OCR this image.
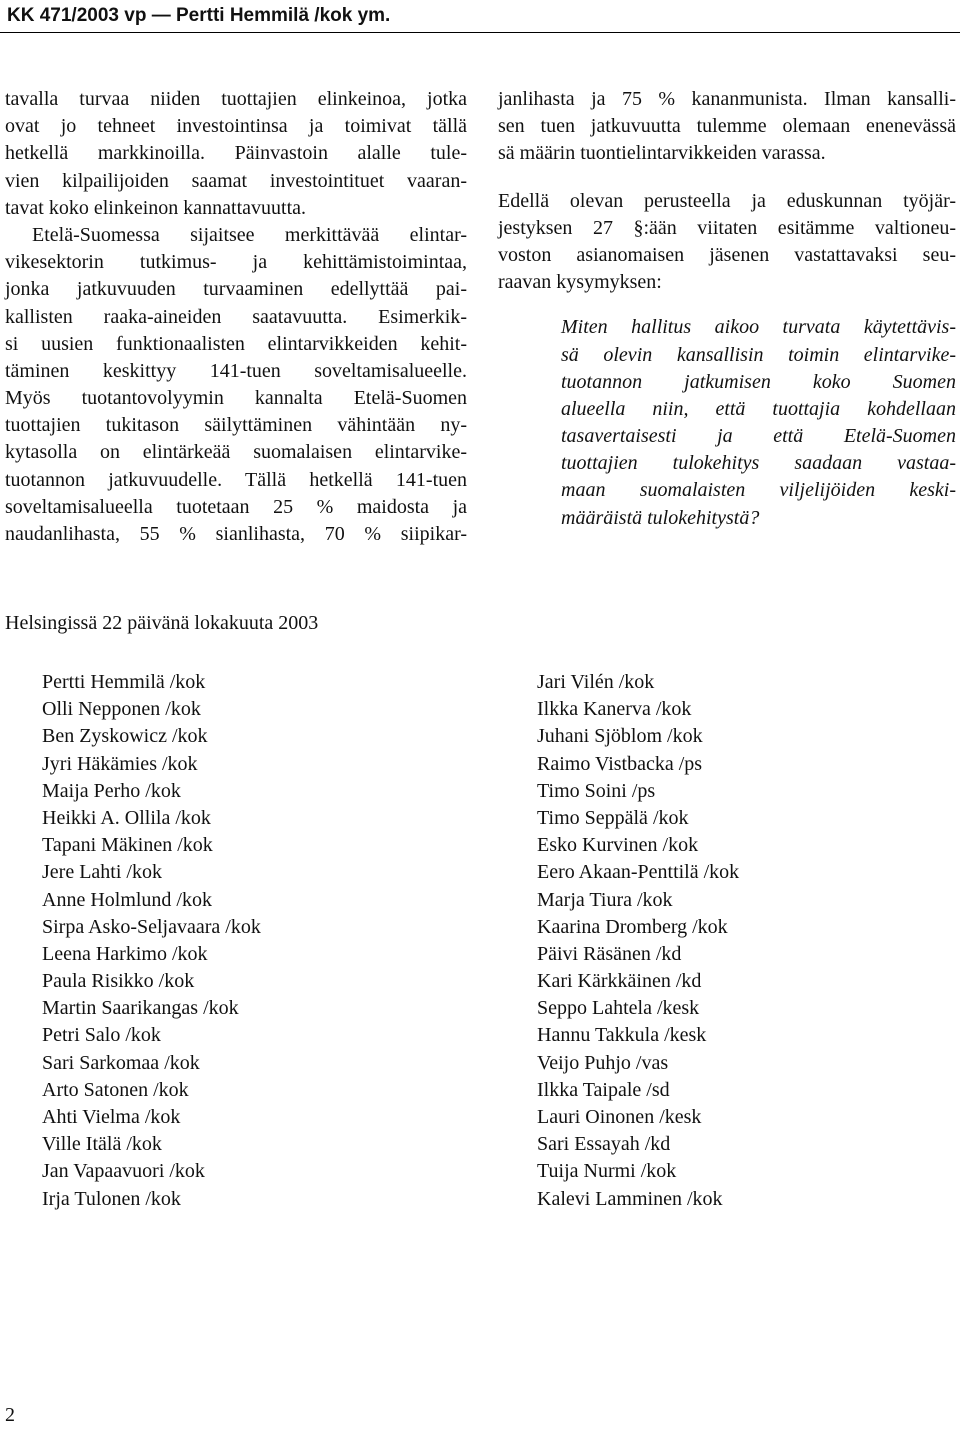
KK 471/2003 vp — Pertti Hemmilä /kok ym.
tavalla turvaa niiden tuottajien elinkeinoa, jotka
ovat jo tehneet investointinsa ja toimivat tällä
hetkellä markkinoilla. Päinvastoin alalle tule-
vien kilpailijoiden saamat investointituet vaaran-
tavat koko elinkeinon kannattavuutta.
Etelä-Suomessa sijaitsee merkittävää elintar-
vikesektorin tutkimus- ja kehittämistoimintaa,
jonka jatkuvuuden turvaaminen edellyttää pai-
kallisten raaka-aineiden saatavuutta. Esimerkik-
si uusien funktionaalisten elintarvikkeiden kehit-
täminen keskittyy 141-tuen soveltamisalueelle.
Myös tuotantovolyymin kannalta Etelä-Suomen
tuottajien tukitason säilyttäminen vähintään ny-
kytasolla on elintärkeää suomalaisen elintarvike-
tuotannon jatkuvuudelle. Tällä hetkellä 141-tuen
soveltamisalueella tuotetaan 25 % maidosta ja
naudanlihasta, 55 % sianlihasta, 70 % siipikar-
janlihasta ja 75 % kananmunista. Ilman kansalli-
sen tuen jatkuvuutta tulemme olemaan enenevässä
sä määrin tuontielintarvikkeiden varassa.
Edellä olevan perusteella ja eduskunnan työjär-
jestyksen 27 §:ään viitaten esitämme valtioneu-
voston asianomaisen jäsenen vastattavaksi seu-
raavan kysymyksen:
Miten hallitus aikoo turvata käytettävis-
sä olevin kansallisin toimin elintarvike-
tuotannon jatkumisen koko Suomen
alueella niin, että tuottajia kohdellaan
tasavertaisesti ja että Etelä-Suomen
tuottajien tulokehitys saadaan vastaa-
maan suomalaisten viljelijöiden keski-
määräistä tulokehitystä?
Helsingissä 22 päivänä lokakuuta 2003
Pertti Hemmilä /kok
Olli Nepponen /kok
Ben Zyskowicz /kok
Jyri Häkämies /kok
Maija Perho /kok
Heikki A. Ollila /kok
Tapani Mäkinen /kok
Jere Lahti /kok
Anne Holmlund /kok
Sirpa Asko-Seljavaara /kok
Leena Harkimo /kok
Paula Risikko /kok
Martin Saarikangas /kok
Petri Salo /kok
Sari Sarkomaa /kok
Arto Satonen /kok
Ahti Vielma /kok
Ville Itälä /kok
Jan Vapaavuori /kok
Irja Tulonen /kok
Jari Vilén /kok
Ilkka Kanerva /kok
Juhani Sjöblom /kok
Raimo Vistbacka /ps
Timo Soini /ps
Timo Seppälä /kok
Esko Kurvinen /kok
Eero Akaan-Penttilä /kok
Marja Tiura /kok
Kaarina Dromberg /kok
Päivi Räsänen /kd
Kari Kärkkäinen /kd
Seppo Lahtela /kesk
Hannu Takkula /kesk
Veijo Puhjo /vas
Ilkka Taipale /sd
Lauri Oinonen /kesk
Sari Essayah /kd
Tuija Nurmi /kok
Kalevi Lamminen /kok
2
